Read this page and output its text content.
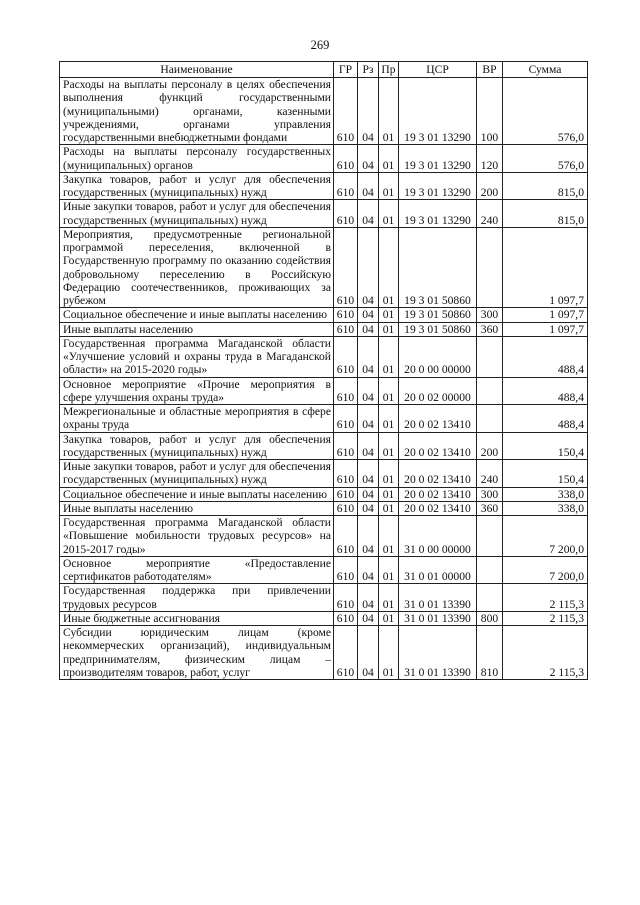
269
Наименование	ГР	Рз	Пр	ЦСР	ВР	Сумма
Расходы на выплаты персоналу в целях обеспечения выполнения функций государственными (муниципальными) органами, казенными учреждениями, органами управления государственными внебюджетными фондами	610	04	01	19 3 01 13290	100	576,0
Расходы на выплаты персоналу государственных (муниципальных) органов	610	04	01	19 3 01 13290	120	576,0
Закупка товаров, работ и услуг для обеспечения государственных (муниципальных) нужд	610	04	01	19 3 01 13290	200	815,0
Иные закупки товаров, работ и услуг для обеспечения государственных (муниципальных) нужд	610	04	01	19 3 01 13290	240	815,0
Мероприятия, предусмотренные региональной программой переселения, включенной в Государственную программу по оказанию содействия добровольному переселению в Российскую Федерацию соотечественников, проживающих за рубежом	610	04	01	19 3 01 50860		1 097,7
Социальное обеспечение и иные выплаты населению	610	04	01	19 3 01 50860	300	1 097,7
Иные выплаты населению	610	04	01	19 3 01 50860	360	1 097,7
Государственная программа Магаданской области «Улучшение условий и охраны труда в Магаданской области» на 2015-2020 годы»	610	04	01	20 0 00 00000		488,4
Основное мероприятие «Прочие мероприятия в сфере улучшения охраны труда»	610	04	01	20 0 02 00000		488,4
Межрегиональные и областные мероприятия в сфере охраны труда	610	04	01	20 0 02 13410		488,4
Закупка товаров, работ и услуг для обеспечения государственных (муниципальных) нужд	610	04	01	20 0 02 13410	200	150,4
Иные закупки товаров, работ и услуг для обеспечения государственных (муниципальных) нужд	610	04	01	20 0 02 13410	240	150,4
Социальное обеспечение и иные выплаты населению	610	04	01	20 0 02 13410	300	338,0
Иные выплаты населению	610	04	01	20 0 02 13410	360	338,0
Государственная программа Магаданской области «Повышение мобильности трудовых ресурсов» на 2015-2017 годы»	610	04	01	31 0 00 00000		7 200,0
Основное мероприятие «Предоставление сертификатов работодателям»	610	04	01	31 0 01 00000		7 200,0
Государственная поддержка при привлечении трудовых ресурсов	610	04	01	31 0 01 13390		2 115,3
Иные бюджетные ассигнования	610	04	01	31 0 01 13390	800	2 115,3
Субсидии юридическим лицам (кроме некоммерческих организаций), индивидуальным предпринимателям, физическим лицам – производителям товаров, работ, услуг	610	04	01	31 0 01 13390	810	2 115,3
